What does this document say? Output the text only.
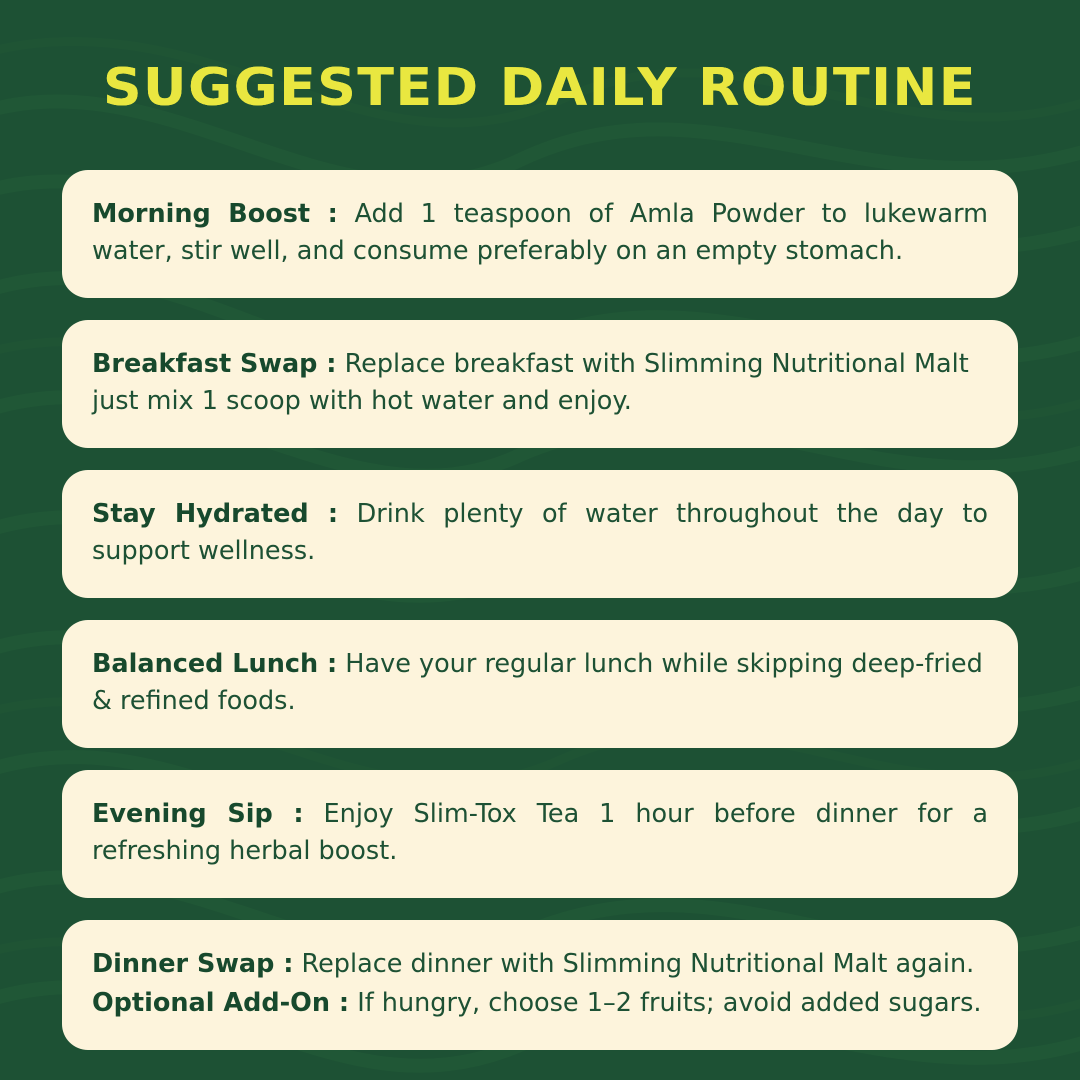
SUGGESTED DAILY ROUTINE

Morning Boost : Add 1 teaspoon of Amla Powder to lukewarm water, stir well, and consume preferably on an empty stomach.

Breakfast Swap : Replace breakfast with Slimming Nutritional Malt just mix 1 scoop with hot water and enjoy.

Stay Hydrated : Drink plenty of water throughout the day to support wellness.

Balanced Lunch : Have your regular lunch while skipping deep-fried & refined foods.

Evening Sip : Enjoy Slim-Tox Tea 1 hour before dinner for a refreshing herbal boost.

Dinner Swap : Replace dinner with Slimming Nutritional Malt again.

Optional Add-On : If hungry, choose 1–2 fruits; avoid added sugars.
